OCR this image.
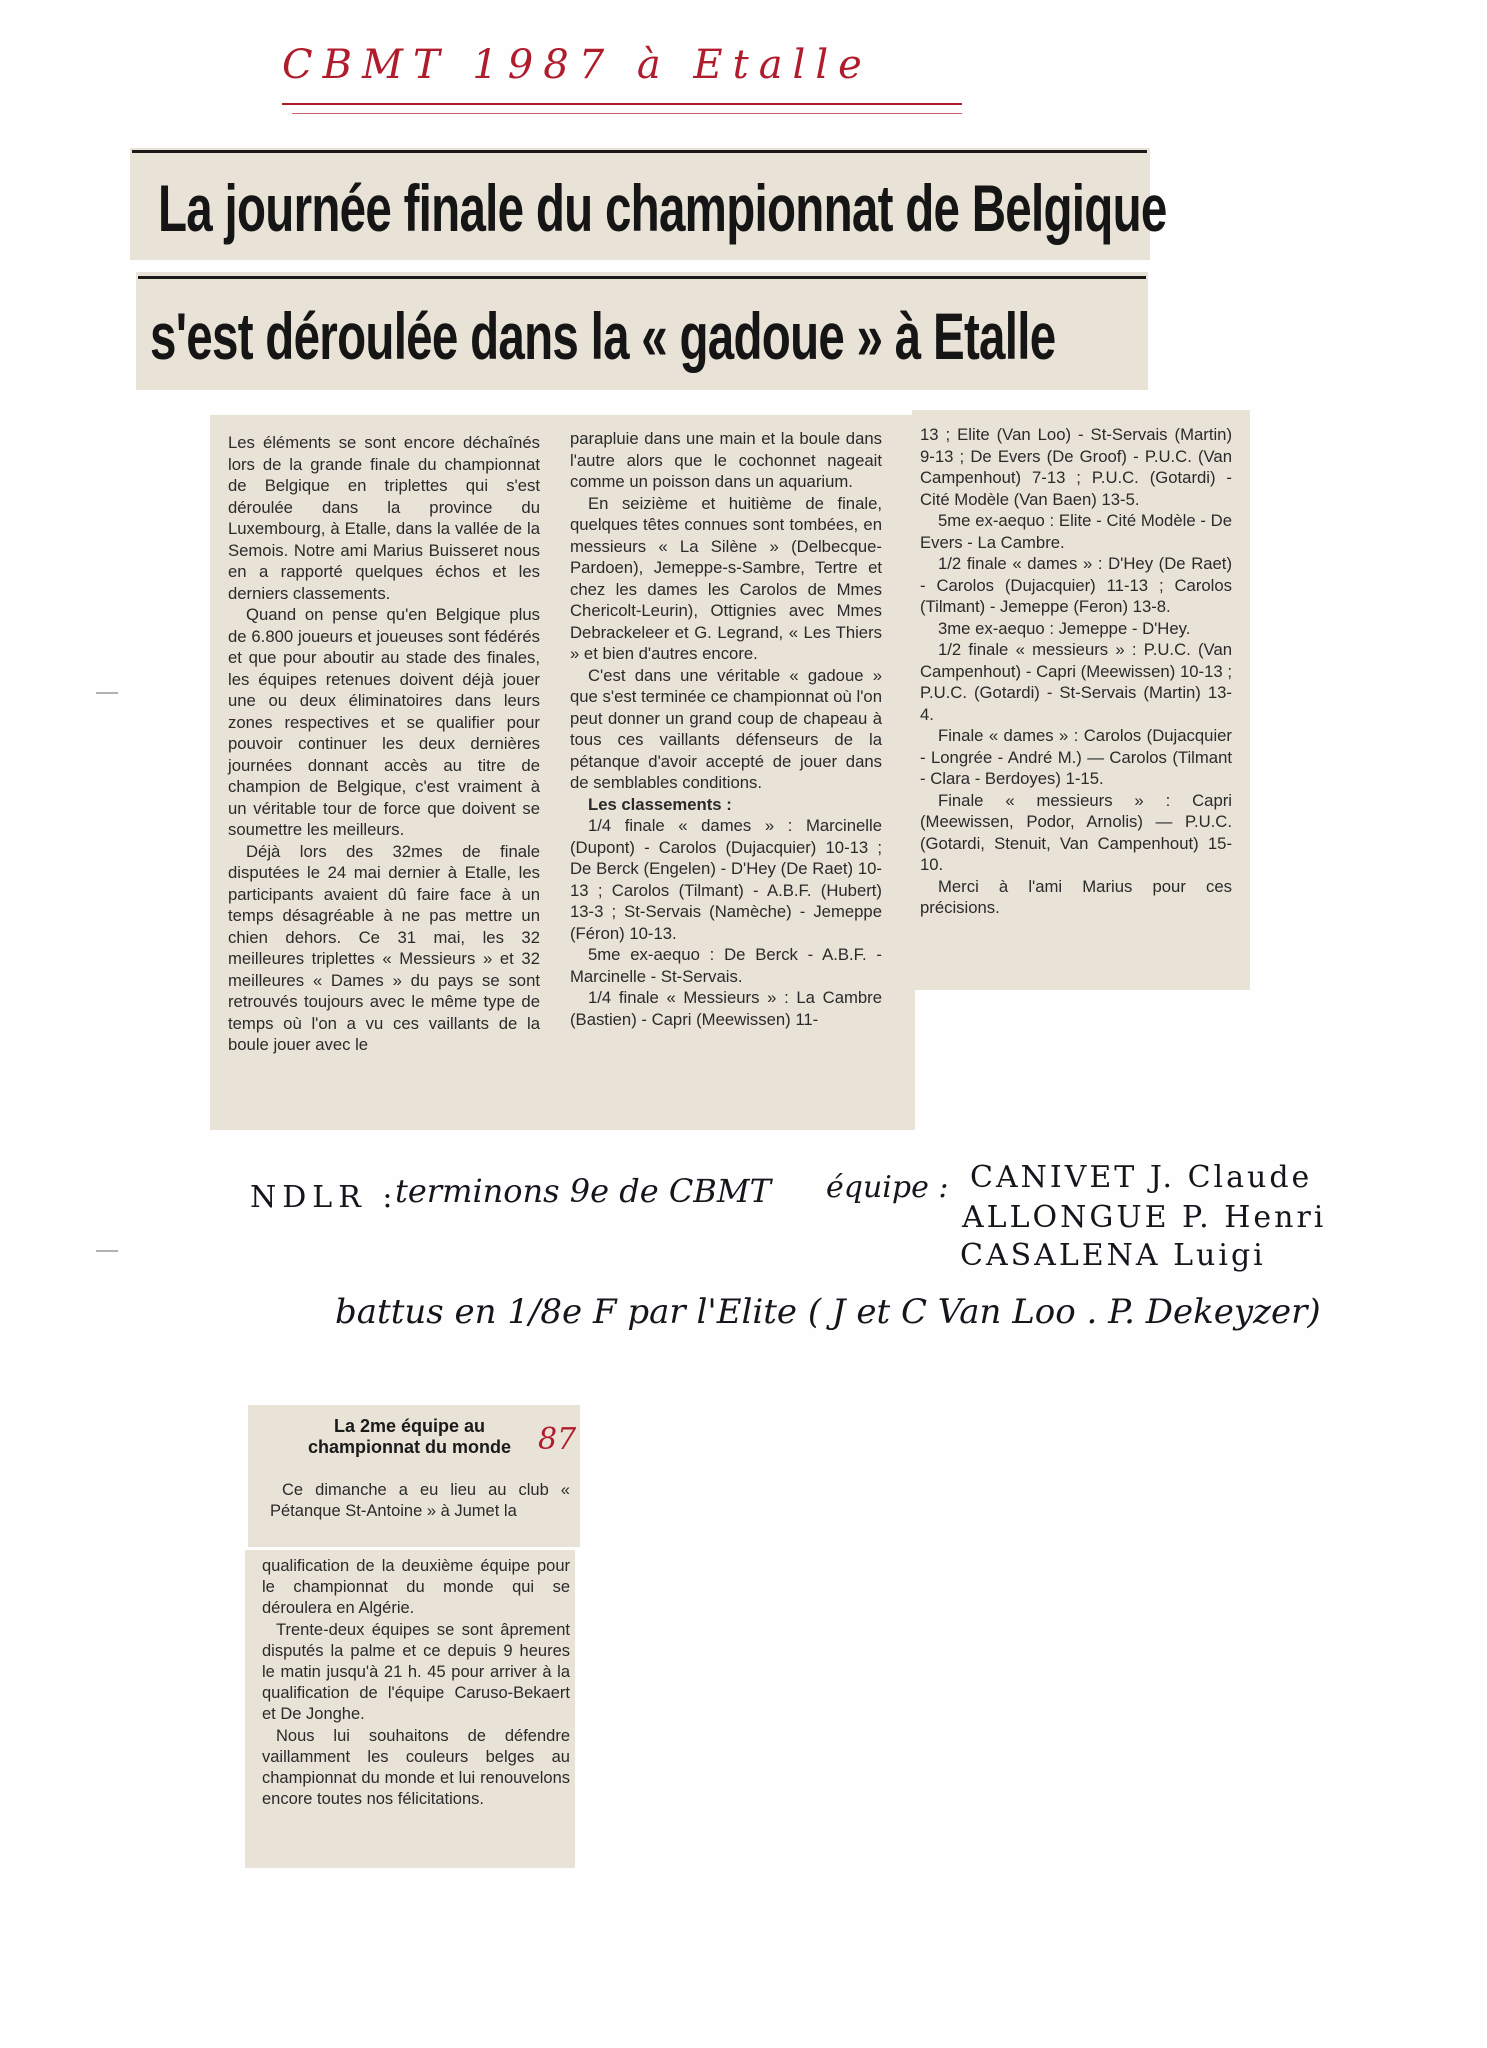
CBMT 1987 à Etalle
La journée finale du championnat de Belgique
s'est déroulée dans la « gadoue » à Etalle

Les éléments se sont encore déchaînés lors de la grande finale du championnat de Belgique en triplettes qui s'est déroulée dans la province du Luxembourg, à Etalle, dans la vallée de la Semois. Notre ami Marius Buisseret nous en a rapporté quelques échos et les derniers classements.

Quand on pense qu'en Belgique plus de 6.800 joueurs et joueuses sont fédérés et que pour aboutir au stade des finales, les équipes retenues doivent déjà jouer une ou deux éliminatoires dans leurs zones respectives et se qualifier pour pouvoir continuer les deux dernières journées donnant accès au titre de champion de Belgique, c'est vraiment à un véritable tour de force que doivent se soumettre les meilleurs.

Déjà lors des 32mes de finale disputées le 24 mai dernier à Etalle, les participants avaient dû faire face à un temps désagréable à ne pas mettre un chien dehors. Ce 31 mai, les 32 meilleures triplettes « Messieurs » et 32 meilleures « Dames » du pays se sont retrouvés toujours avec le même type de temps où l'on a vu ces vaillants de la boule jouer avec le

parapluie dans une main et la boule dans l'autre alors que le cochonnet nageait comme un poisson dans un aquarium.

En seizième et huitième de finale, quelques têtes connues sont tombées, en messieurs « La Silène » (Delbecque-Pardoen), Jemeppe-s-Sambre, Tertre et chez les dames les Carolos de Mmes Chericolt-Leurin), Ottignies avec Mmes Debrackeleer et G. Legrand, « Les Thiers » et bien d'autres encore.

C'est dans une véritable « gadoue » que s'est terminée ce championnat où l'on peut donner un grand coup de chapeau à tous ces vaillants défenseurs de la pétanque d'avoir accepté de jouer dans de semblables conditions.

Les classements :

1/4 finale « dames » : Marcinelle (Dupont) - Carolos (Dujacquier) 10-13 ; De Berck (Engelen) - D'Hey (De Raet) 10-13 ; Carolos (Tilmant) - A.B.F. (Hubert) 13-3 ; St-Servais (Namèche) - Jemeppe (Féron) 10-13.

5me ex-aequo : De Berck - A.B.F. - Marcinelle - St-Servais.

1/4 finale « Messieurs » : La Cambre (Bastien) - Capri (Meewissen) 11-

13 ; Elite (Van Loo) - St-Servais (Martin) 9-13 ; De Evers (De Groof) - P.U.C. (Van Campenhout) 7-13 ; P.U.C. (Gotardi) - Cité Modèle (Van Baen) 13-5.

5me ex-aequo : Elite - Cité Modèle - De Evers - La Cambre.

1/2 finale « dames » : D'Hey (De Raet) - Carolos (Dujacquier) 11-13 ; Carolos (Tilmant) - Jemeppe (Feron) 13-8.

3me ex-aequo : Jemeppe - D'Hey.

1/2 finale « messieurs » : P.U.C. (Van Campenhout) - Capri (Meewissen) 10-13 ; P.U.C. (Gotardi) - St-Servais (Martin) 13-4.

Finale « dames » : Carolos (Dujacquier - Longrée - André M.) — Carolos (Tilmant - Clara - Berdoyes) 1-15.

Finale « messieurs » : Capri (Meewissen, Podor, Arnolis) — P.U.C. (Gotardi, Stenuit, Van Campenhout) 15-10.

Merci à l'ami Marius pour ces précisions.

NDLR :
terminons 9e de CBMT équipe : CANIVET J. Claude
ALLONGUE P. Henri
CASALENA Luigi
battus en 1/8e F par l'Elite ( J et C Van Loo . P. Dekeyzer)
La 2me équipe au championnat du monde 87
Ce dimanche a eu lieu au club « Pétanque St-Antoine » à Jumet la

qualification de la deuxième équipe pour le championnat du monde qui se déroulera en Algérie.

Trente-deux équipes se sont âprement disputés la palme et ce depuis 9 heures le matin jusqu'à 21 h. 45 pour arriver à la qualification de l'équipe Caruso-Bekaert et De Jonghe.

Nous lui souhaitons de défendre vaillamment les couleurs belges au championnat du monde et lui renouvelons encore toutes nos félicitations.
